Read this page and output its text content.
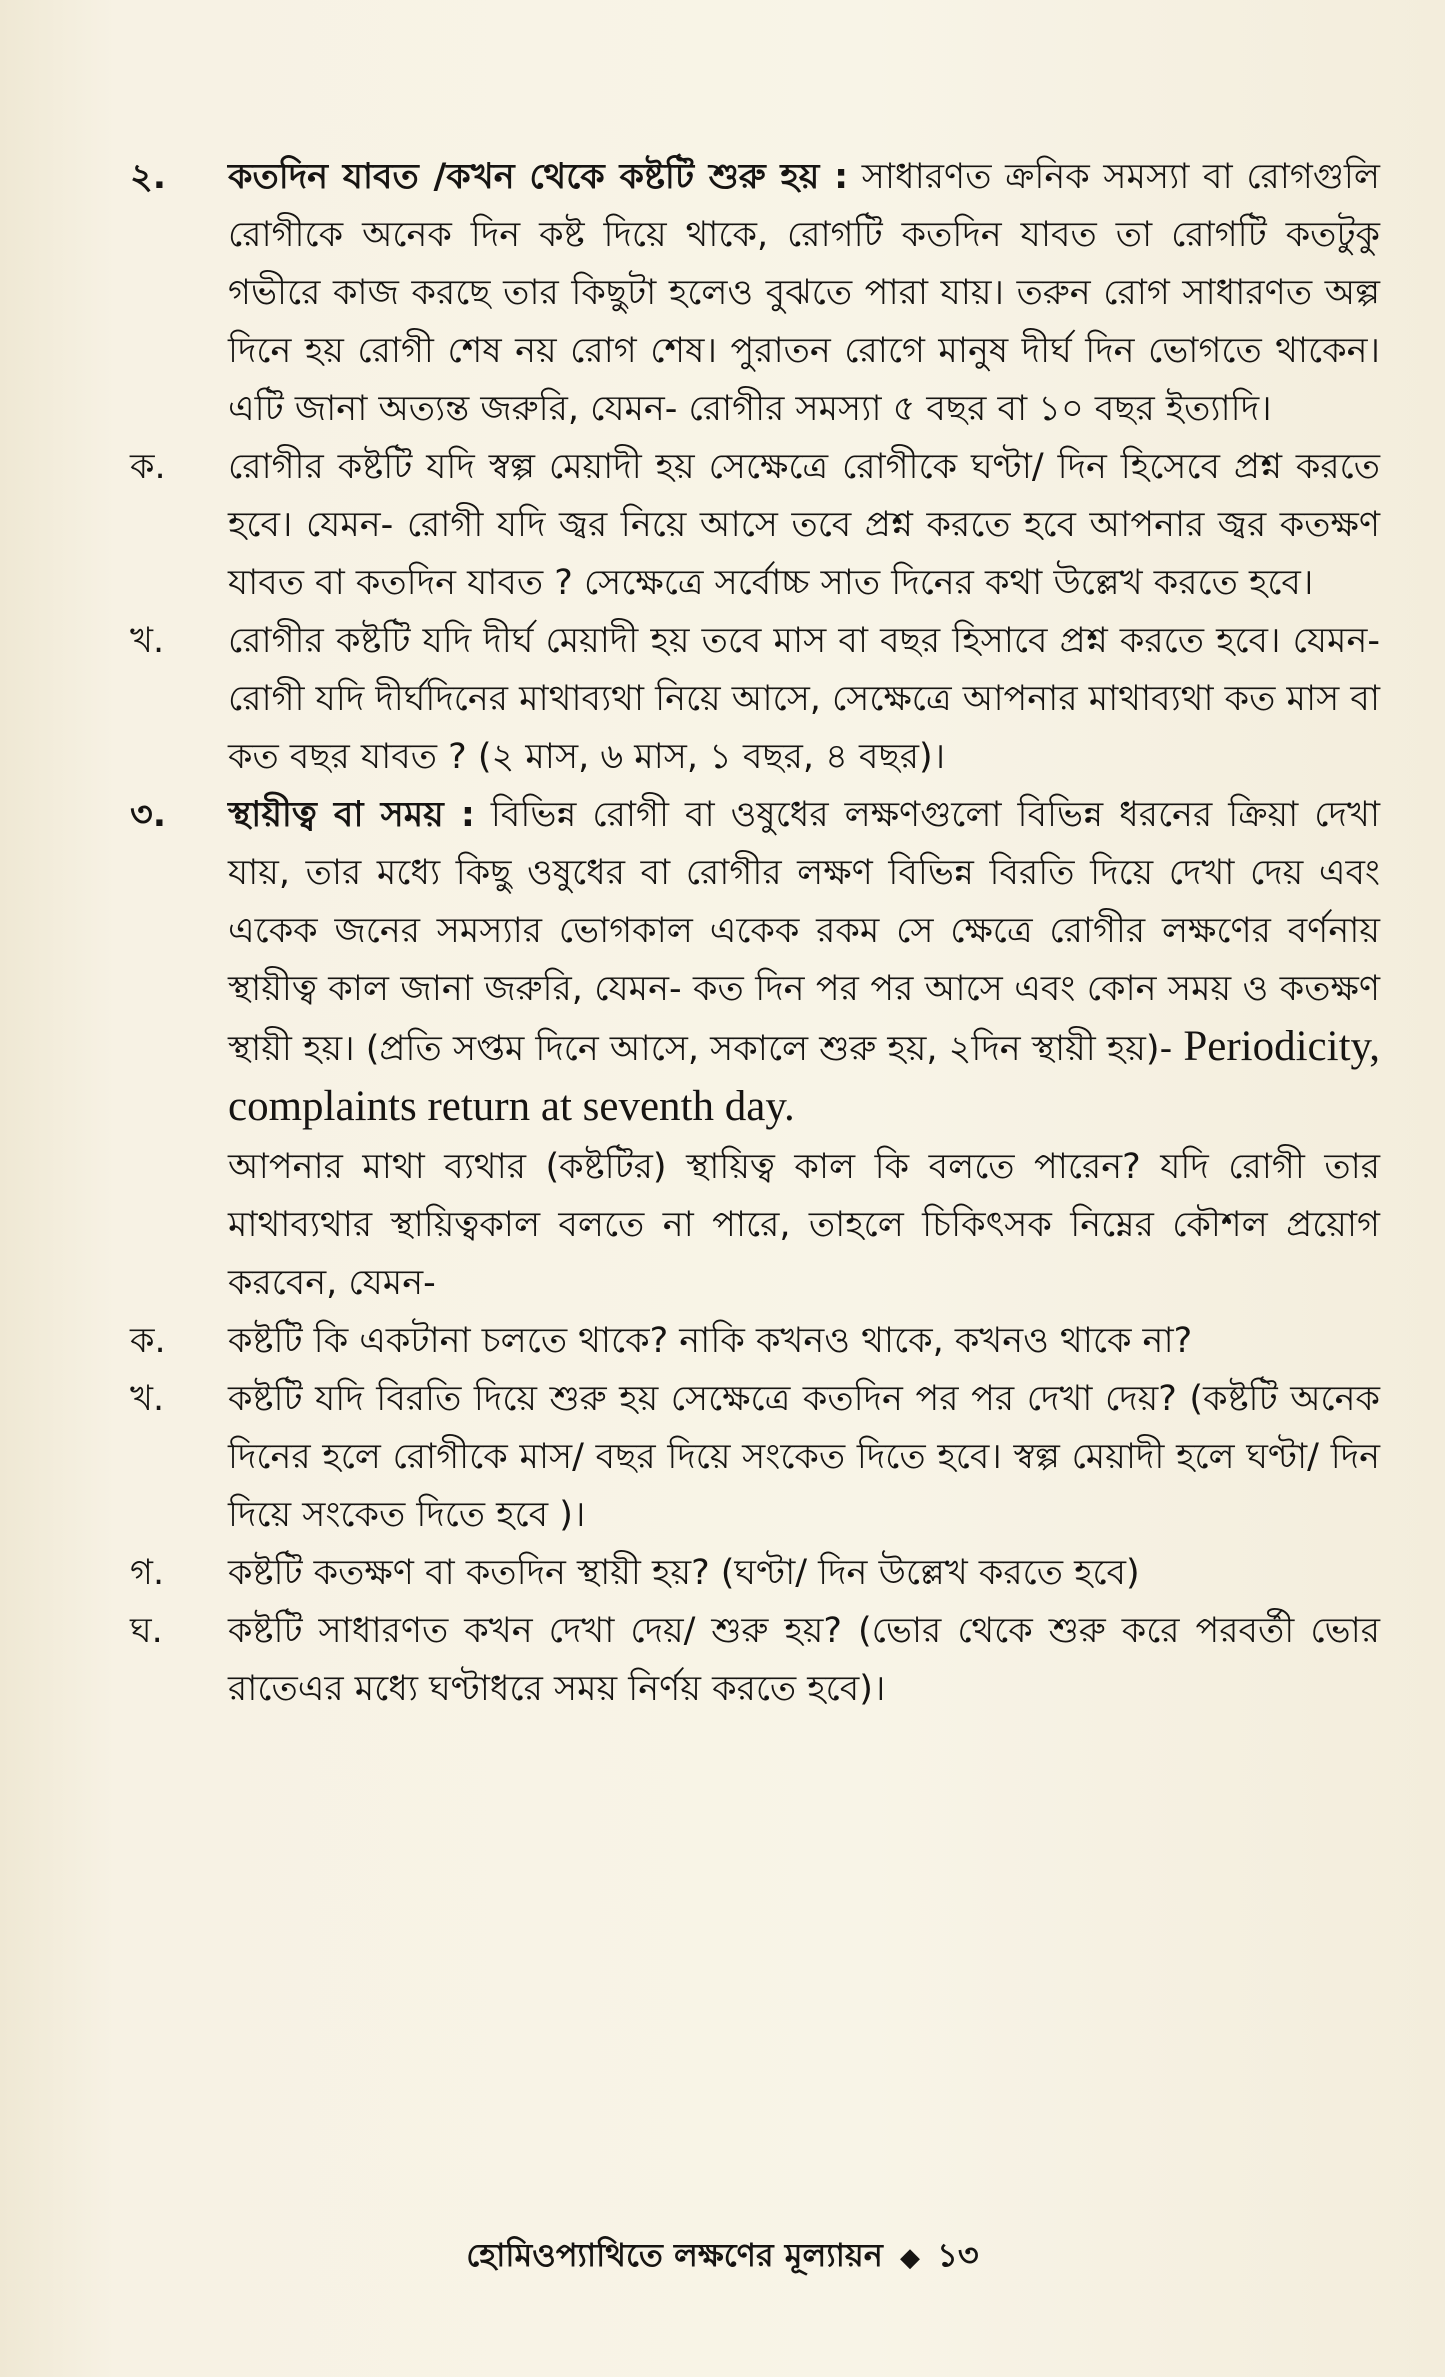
২.	কতদিন যাবত /কখন থেকে কষ্টটি শুরু হয় : সাধারণত ক্রনিক সমস্যা বা রোগগুলি রোগীকে অনেক দিন কষ্ট দিয়ে থাকে, রোগটি কতদিন যাবত তা রোগটি কতটুকু গভীরে কাজ করছে তার কিছুটা হলেও বুঝতে পারা যায়। তরুন রোগ সাধারণত অল্প দিনে হয় রোগী শেষ নয় রোগ শেষ। পুরাতন রোগে মানুষ দীর্ঘ দিন ভোগতে থাকেন। এটি জানা অত্যন্ত জরুরি, যেমন- রোগীর সমস্যা ৫ বছর বা ১০ বছর ইত্যাদি।
ক.	রোগীর কষ্টটি যদি স্বল্প মেয়াদী হয় সেক্ষেত্রে রোগীকে ঘণ্টা/ দিন হিসেবে প্রশ্ন করতে হবে। যেমন- রোগী যদি জ্বর নিয়ে আসে তবে প্রশ্ন করতে হবে আপনার জ্বর কতক্ষণ যাবত বা কতদিন যাবত ? সেক্ষেত্রে সর্বোচ্চ সাত দিনের কথা উল্লেখ করতে হবে।
খ.	রোগীর কষ্টটি যদি দীর্ঘ মেয়াদী হয় তবে মাস বা বছর হিসাবে প্রশ্ন করতে হবে। যেমন- রোগী যদি দীর্ঘদিনের মাথাব্যথা নিয়ে আসে, সেক্ষেত্রে আপনার মাথাব্যথা কত মাস বা কত বছর যাবত ? (২ মাস, ৬ মাস, ১ বছর, ৪ বছর)।
৩.	স্থায়ীত্ব বা সময় : বিভিন্ন রোগী বা ওষুধের লক্ষণগুলো বিভিন্ন ধরনের ক্রিয়া দেখা যায়, তার মধ্যে কিছু ওষুধের বা রোগীর লক্ষণ বিভিন্ন বিরতি দিয়ে দেখা দেয় এবং একেক জনের সমস্যার ভোগকাল একেক রকম সে ক্ষেত্রে রোগীর লক্ষণের বর্ণনায় স্থায়ীত্ব কাল জানা জরুরি, যেমন- কত দিন পর পর আসে এবং কোন সময় ও কতক্ষণ স্থায়ী হয়। (প্রতি সপ্তম দিনে আসে, সকালে শুরু হয়, ২দিন স্থায়ী হয়)- Periodicity, complaints return at seventh day.
আপনার মাথা ব্যথার (কষ্টটির) স্থায়িত্ব কাল কি বলতে পারেন? যদি রোগী তার মাথাব্যথার স্থায়িত্বকাল বলতে না পারে, তাহলে চিকিৎসক নিম্নের কৌশল প্রয়োগ করবেন, যেমন-
ক.	কষ্টটি কি একটানা চলতে থাকে? নাকি কখনও থাকে, কখনও থাকে না?
খ.	কষ্টটি যদি বিরতি দিয়ে শুরু হয় সেক্ষেত্রে কতদিন পর পর দেখা দেয়? (কষ্টটি অনেক দিনের হলে রোগীকে মাস/ বছর দিয়ে সংকেত দিতে হবে। স্বল্প মেয়াদী হলে ঘণ্টা/ দিন দিয়ে সংকেত দিতে হবে )।
গ.	কষ্টটি কতক্ষণ বা কতদিন স্থায়ী হয়? (ঘণ্টা/ দিন উল্লেখ করতে হবে)
ঘ.	কষ্টটি সাধারণত কখন দেখা দেয়/ শুরু হয়? (ভোর থেকে শুরু করে পরবর্তী ভোর রাতেএর মধ্যে ঘণ্টাধরে সময় নির্ণয় করতে হবে)।
হোমিওপ্যাথিতে লক্ষণের মূল্যায়ন ◆ ১৩
